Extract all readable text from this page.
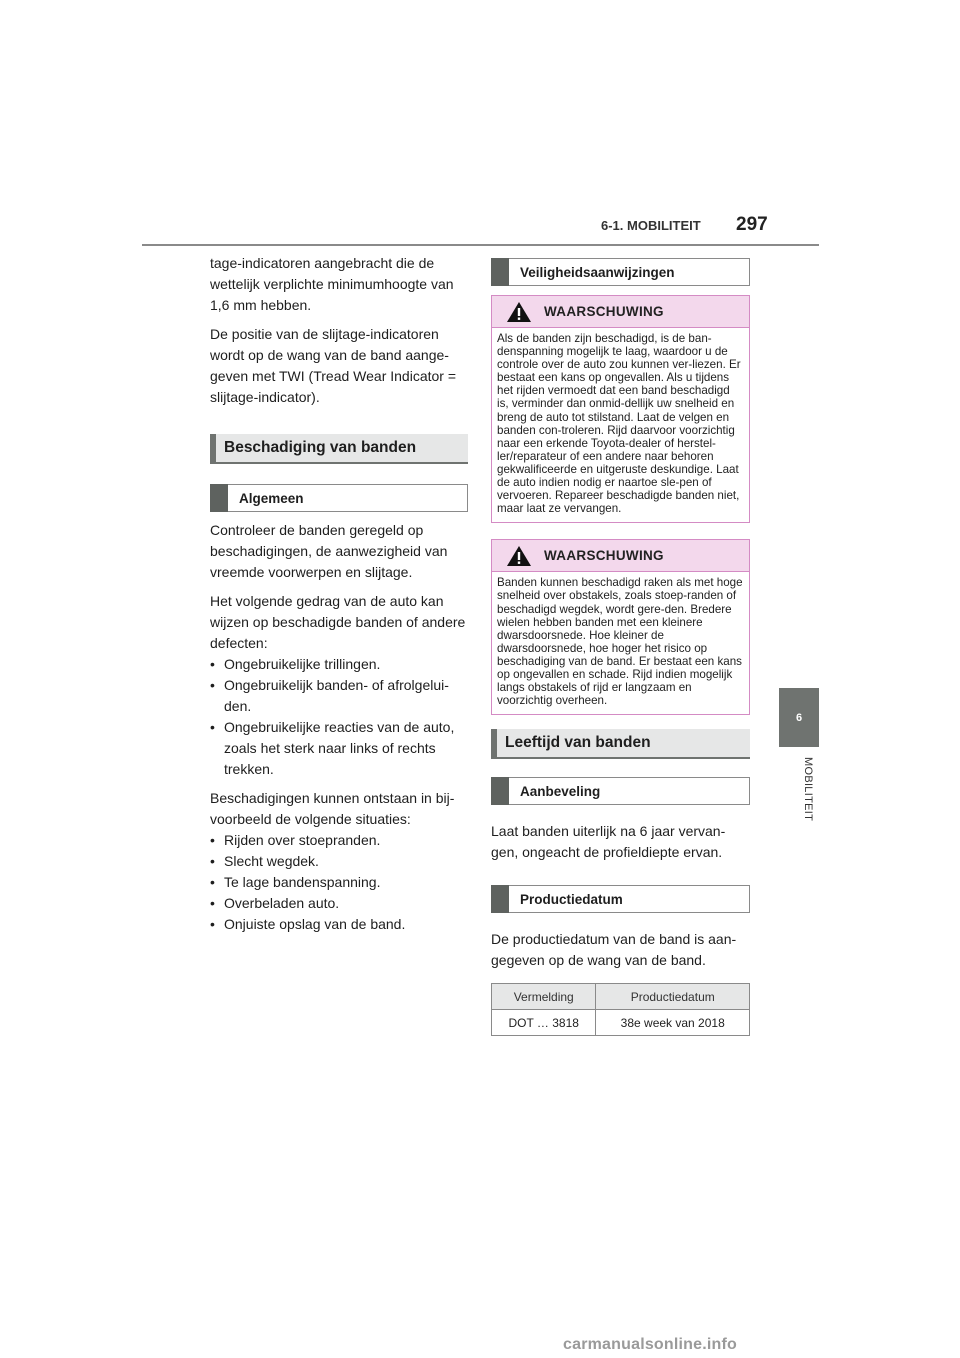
6-1. MOBILITEIT 297
6
MOBILITEIT

tage-indicatoren aangebracht die de wettelijk verplichte minimumhoogte van 1,6 mm hebben.

De positie van de slijtage-indicatoren wordt op de wang van de band aange-geven met TWI (Tread Wear Indicator = slijtage-indicator).

Beschadiging van banden
Algemeen

Controleer de banden geregeld op beschadigingen, de aanwezigheid van vreemde voorwerpen en slijtage.

Het volgende gedrag van de auto kan wijzen op beschadigde banden of andere defecten:

• Ongebruikelijke trillingen.
• Ongebruikelijk banden- of afrolgelui-den.
• Ongebruikelijke reacties van de auto, zoals het sterk naar links of rechts trekken.

Beschadigingen kunnen ontstaan in bij-voorbeeld de volgende situaties:

• Rijden over stoepranden.
• Slecht wegdek.
• Te lage bandenspanning.
• Overbeladen auto.
• Onjuiste opslag van de band.
Veiligheidsaanwijzingen
WAARSCHUWING
Als de banden zijn beschadigd, is de ban-denspanning mogelijk te laag, waardoor u de controle over de auto zou kunnen ver-liezen. Er bestaat een kans op ongevallen. Als u tijdens het rijden vermoedt dat een band beschadigd is, verminder dan onmid-dellijk uw snelheid en breng de auto tot stilstand. Laat de velgen en banden con-troleren. Rijd daarvoor voorzichtig naar een erkende Toyota-dealer of herstel-ler/reparateur of een andere naar behoren gekwalificeerde en uitgeruste deskundige. Laat de auto indien nodig er naartoe sle-pen of vervoeren. Repareer beschadigde banden niet, maar laat ze vervangen.
WAARSCHUWING
Banden kunnen beschadigd raken als met hoge snelheid over obstakels, zoals stoep-randen of beschadigd wegdek, wordt gere-den. Bredere wielen hebben banden met een kleinere dwarsdoorsnede. Hoe kleiner de dwarsdoorsnede, hoe hoger het risico op beschadiging van de band. Er bestaat een kans op ongevallen en schade. Rijd indien mogelijk langs obstakels of rijd er langzaam en voorzichtig overheen.
Leeftijd van banden
Aanbeveling

Laat banden uiterlijk na 6 jaar vervan-gen, ongeacht de profieldiepte ervan.

Productiedatum

De productiedatum van de band is aan-gegeven op de wang van de band.

Vermelding	Productiedatum
DOT … 3818	38e week van 2018
carmanualsonline.info
